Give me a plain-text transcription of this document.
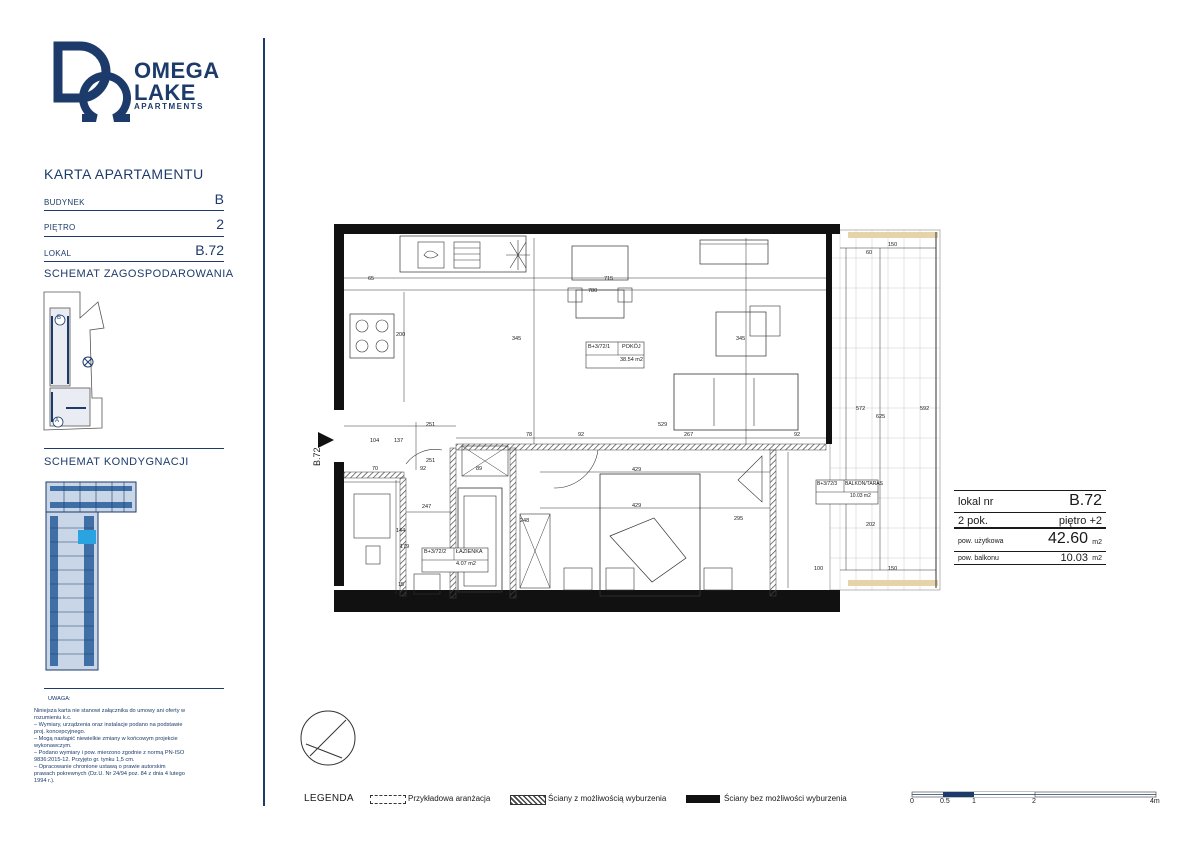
OMEGA
LAKE
APARTMENTS
KARTA APARTAMENTU
BUDYNEK	B
PIĘTRO	2
LOKAL	B.72
SCHEMAT ZAGOSPODAROWANIA
B
A
SCHEMAT KONDYGNACJI
UWAGA:
Niniejsza karta nie stanowi załącznika do umowy ani oferty w
rozumieniu k.c.
– Wymiary, urządzenia oraz instalacje podano na podstawie
proj. koncepcyjnego.
– Mogą nastąpić niewielkie zmiany w końcowym projekcie
wykonawczym.
– Podano wymiary i pow. mierzono zgodnie z normą PN-ISO
9836:2015-12. Przyjęto gr. tynku 1,5 cm.
– Opracowanie chronione ustawą o prawie autorskim
prawach pokrewnych (Dz.U. Nr 24/94 poz. 84 z dnia 4 lutego
1994 r.).
B.72
B+3/72/1 POKÓJ
38.54 m2
B+3/72/2 ŁAZIENKA
4.07 m2
B+3/72/3 BALKON/TARAS
10.03 m2
65	715
780
345	345
200
251
251
78	92
529
267	92
429
429
295
247
144
179
248
70	92	89
104	137
15
150
150
100
572
625
592
60
202
lokal nr	B.72
2 pok.	piętro +2
pow. użytkowa	42.60 m2
pow. balkonu	10.03 m2
LEGENDA	Przykładowa aranżacja	Ściany z możliwością wyburzenia	Ściany bez możliwości wyburzenia	0	0.5	1	2	4m
